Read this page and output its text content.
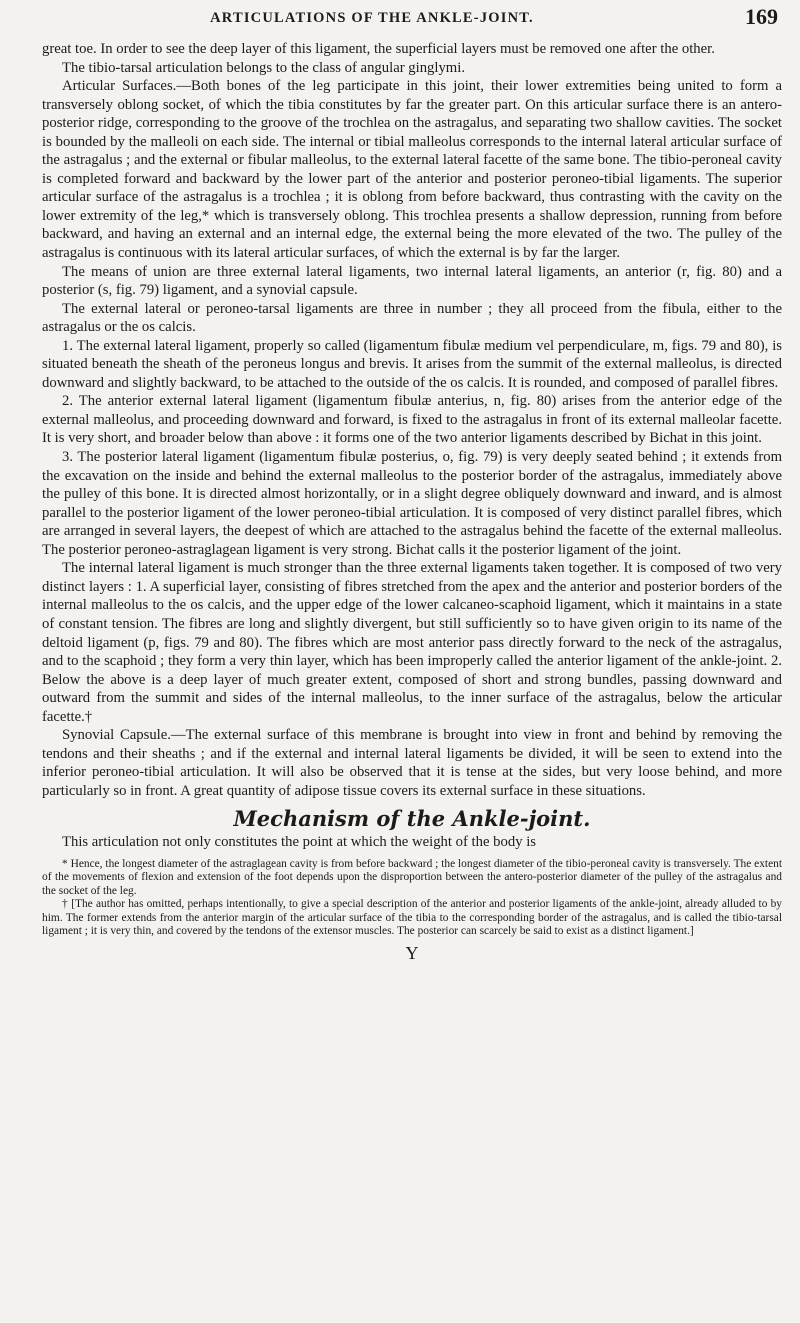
ARTICULATIONS OF THE ANKLE-JOINT.	169

great toe. In order to see the deep layer of this ligament, the superficial layers must be removed one after the other.

The tibio-tarsal articulation belongs to the class of angular ginglymi.

Articular Surfaces.—Both bones of the leg participate in this joint, their lower extremities being united to form a transversely oblong socket, of which the tibia constitutes by far the greater part. On this articular surface there is an antero-posterior ridge, corresponding to the groove of the trochlea on the astragalus, and separating two shallow cavities. The socket is bounded by the malleoli on each side. The internal or tibial malleolus corresponds to the internal lateral articular surface of the astragalus ; and the external or fibular malleolus, to the external lateral facette of the same bone. The tibio-peroneal cavity is completed forward and backward by the lower part of the anterior and posterior peroneo-tibial ligaments. The superior articular surface of the astragalus is a trochlea ; it is oblong from before backward, thus contrasting with the cavity on the lower extremity of the leg,* which is transversely oblong. This trochlea presents a shallow depression, running from before backward, and having an external and an internal edge, the external being the more elevated of the two. The pulley of the astragalus is continuous with its lateral articular surfaces, of which the external is by far the larger.

The means of union are three external lateral ligaments, two internal lateral ligaments, an anterior (r, fig. 80) and a posterior (s, fig. 79) ligament, and a synovial capsule.

The external lateral or peroneo-tarsal ligaments are three in number ; they all proceed from the fibula, either to the astragalus or the os calcis.

1. The external lateral ligament, properly so called (ligamentum fibulæ medium vel perpendiculare, m, figs. 79 and 80), is situated beneath the sheath of the peroneus longus and brevis. It arises from the summit of the external malleolus, is directed downward and slightly backward, to be attached to the outside of the os calcis. It is rounded, and composed of parallel fibres.

2. The anterior external lateral ligament (ligamentum fibulæ anterius, n, fig. 80) arises from the anterior edge of the external malleolus, and proceeding downward and forward, is fixed to the astragalus in front of its external malleolar facette. It is very short, and broader below than above : it forms one of the two anterior ligaments described by Bichat in this joint.

3. The posterior lateral ligament (ligamentum fibulæ posterius, o, fig. 79) is very deeply seated behind ; it extends from the excavation on the inside and behind the external malleolus to the posterior border of the astragalus, immediately above the pulley of this bone. It is directed almost horizontally, or in a slight degree obliquely downward and inward, and is almost parallel to the posterior ligament of the lower peroneo-tibial articulation. It is composed of very distinct parallel fibres, which are arranged in several layers, the deepest of which are attached to the astragalus behind the facette of the external malleolus. The posterior peroneo-astraglagean ligament is very strong. Bichat calls it the posterior ligament of the joint.

The internal lateral ligament is much stronger than the three external ligaments taken together. It is composed of two very distinct layers : 1. A superficial layer, consisting of fibres stretched from the apex and the anterior and posterior borders of the internal malleolus to the os calcis, and the upper edge of the lower calcaneo-scaphoid ligament, which it maintains in a state of constant tension. The fibres are long and slightly divergent, but still sufficiently so to have given origin to its name of the deltoid ligament (p, figs. 79 and 80). The fibres which are most anterior pass directly forward to the neck of the astragalus, and to the scaphoid ; they form a very thin layer, which has been improperly called the anterior ligament of the ankle-joint. 2. Below the above is a deep layer of much greater extent, composed of short and strong bundles, passing downward and outward from the summit and sides of the internal malleolus, to the inner surface of the astragalus, below the articular facette.†

Synovial Capsule.—The external surface of this membrane is brought into view in front and behind by removing the tendons and their sheaths ; and if the external and internal lateral ligaments be divided, it will be seen to extend into the inferior peroneo-tibial articulation. It will also be observed that it is tense at the sides, but very loose behind, and more particularly so in front. A great quantity of adipose tissue covers its external surface in these situations.

Mechanism of the Ankle-joint.

This articulation not only constitutes the point at which the weight of the body is

* Hence, the longest diameter of the astraglagean cavity is from before backward ; the longest diameter of the tibio-peroneal cavity is transversely. The extent of the movements of flexion and extension of the foot depends upon the disproportion between the antero-posterior diameter of the pulley of the astragalus and the socket of the leg.

† [The author has omitted, perhaps intentionally, to give a special description of the anterior and posterior ligaments of the ankle-joint, already alluded to by him. The former extends from the anterior margin of the articular surface of the tibia to the corresponding border of the astragalus, and is called the tibio-tarsal ligament ; it is very thin, and covered by the tendons of the extensor muscles. The posterior can scarcely be said to exist as a distinct ligament.]

Y
